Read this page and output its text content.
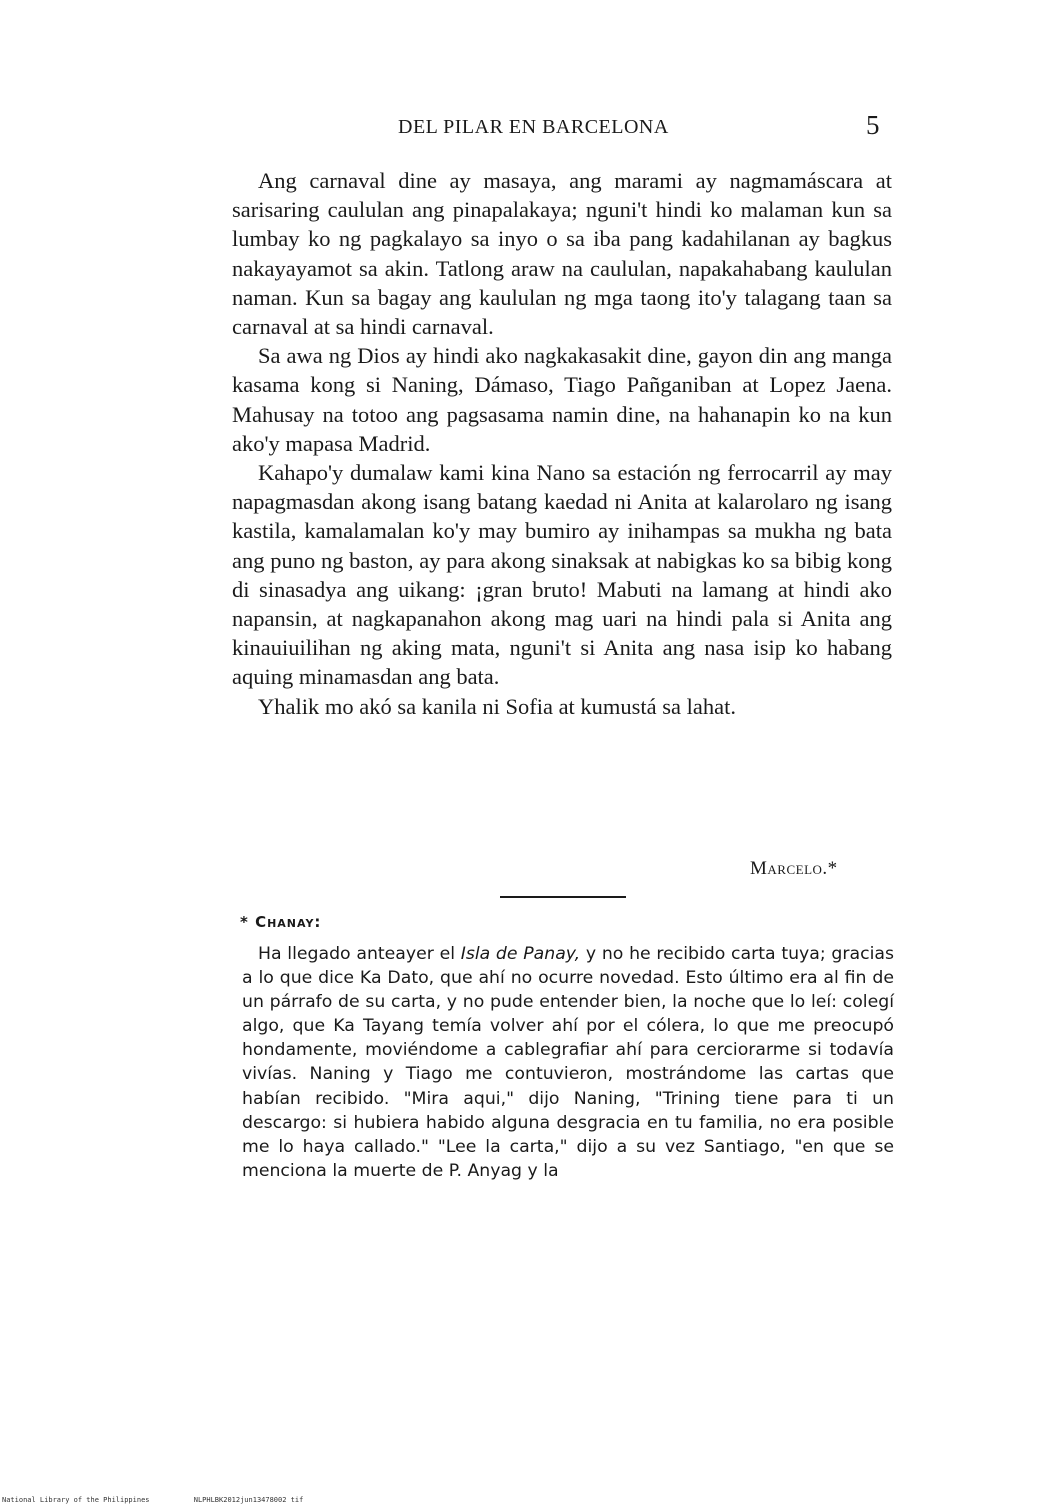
DEL PILAR EN BARCELONA	5

Ang carnaval dine ay masaya, ang marami ay nagmamáscara at sarisaring caululan ang pinapalakaya; nguni't hindi ko malaman kun sa lumbay ko ng pagkalayo sa inyo o sa iba pang kadahilanan ay bagkus nakayayamot sa akin. Tatlong araw na caululan, napakahabang kaululan naman. Kun sa bagay ang kaululan ng mga taong ito'y talagang taan sa carnaval at sa hindi carnaval.

Sa awa ng Dios ay hindi ako nagkakasakit dine, gayon din ang manga kasama kong si Naning, Dámaso, Tiago Pañganiban at Lopez Jaena. Mahusay na totoo ang pagsasama namin dine, na hahanapin ko na kun ako'y mapasa Madrid.

Kahapo'y dumalaw kami kina Nano sa estación ng ferrocarril ay may napagmasdan akong isang batang kaedad ni Anita at kalarolaro ng isang kastila, kamalamalan ko'y may bumiro ay inihampas sa mukha ng bata ang puno ng baston, ay para akong sinaksak at nabigkas ko sa bibig kong di sinasadya ang uikang: ¡gran bruto! Mabuti na lamang at hindi ako napansin, at nagkapanahon akong mag uari na hindi pala si Anita ang kinauiuilihan ng aking mata, nguni't si Anita ang nasa isip ko habang aquing minamasdan ang bata.

Yhalik mo akó sa kanila ni Sofia at kumustá sa lahat.

Marcelo.*
* Chanay:

Ha llegado anteayer el Isla de Panay, y no he recibido carta tuya; gracias a lo que dice Ka Dato, que ahí no ocurre novedad. Esto último era al fin de un párrafo de su carta, y no pude entender bien, la noche que lo leí: colegí algo, que Ka Tayang temía volver ahí por el cólera, lo que me preocupó hondamente, moviéndome a cablegrafiar ahí para cerciorarme si todavía vivías. Naning y Tiago me contuvieron, mostrándome las cartas que habían recibido. "Mira aqui," dijo Naning, "Trining tiene para ti un descargo: si hubiera habido alguna desgracia en tu familia, no era posible me lo haya callado." "Lee la carta," dijo a su vez Santiago, "en que se menciona la muerte de P. Anyag y la

National Library of the Philippines	NLPHLBK2012jun13478002 tif
